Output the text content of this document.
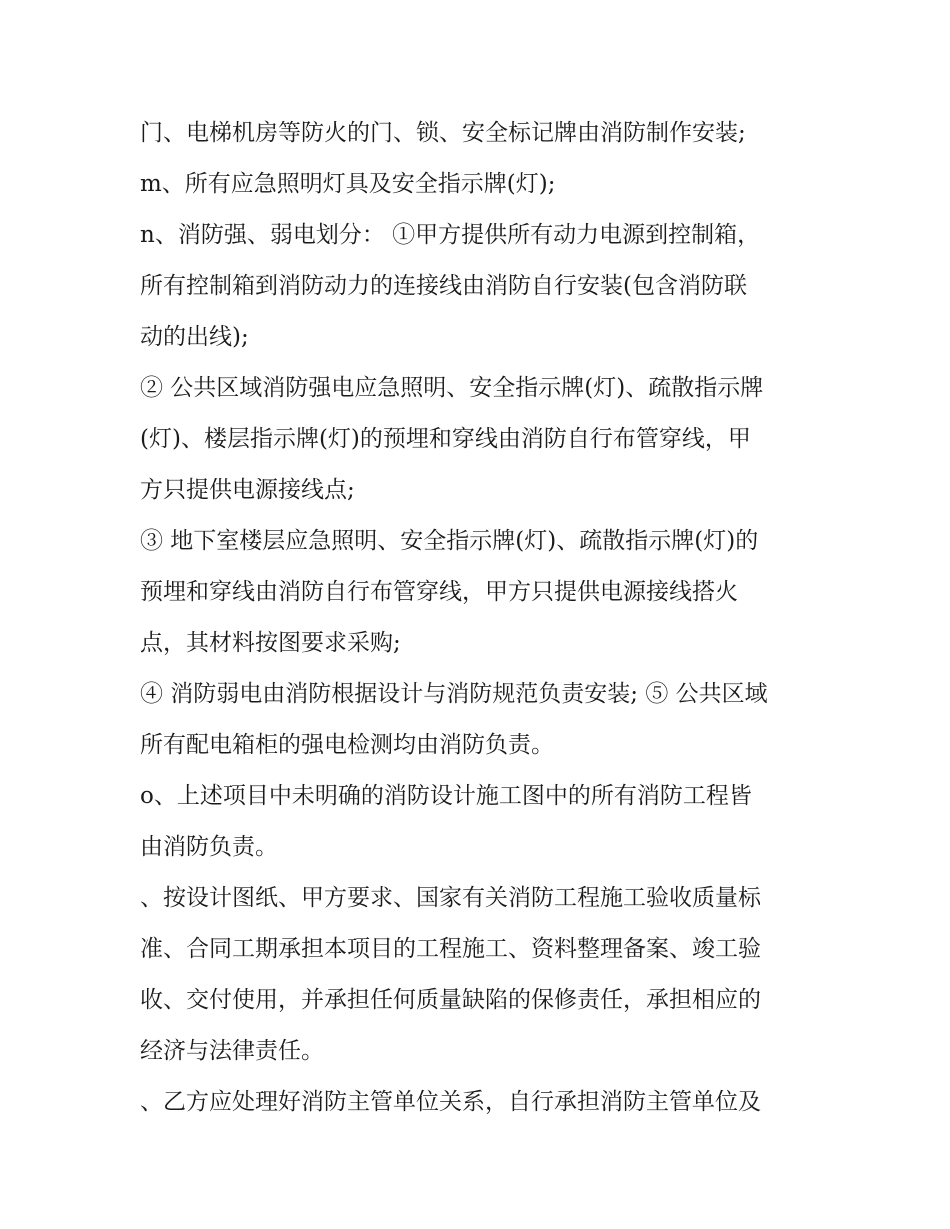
门、电梯机房等防火的门、锁、安全标记牌由消防制作安装;
m、所有应急照明灯具及安全指示牌(灯);
n、消防强、弱电划分： ①甲方提供所有动力电源到控制箱，
所有控制箱到消防动力的连接线由消防自行安装(包含消防联
动的出线);
② 公共区域消防强电应急照明、安全指示牌(灯)、疏散指示牌
(灯)、楼层指示牌(灯)的预埋和穿线由消防自行布管穿线，甲
方只提供电源接线点;
③ 地下室楼层应急照明、安全指示牌(灯)、疏散指示牌(灯)的
预埋和穿线由消防自行布管穿线，甲方只提供电源接线搭火
点，其材料按图要求采购;
④ 消防弱电由消防根据设计与消防规范负责安装; ⑤ 公共区域
所有配电箱柜的强电检测均由消防负责。
o、上述项目中未明确的消防设计施工图中的所有消防工程皆
由消防负责。
、按设计图纸、甲方要求、国家有关消防工程施工验收质量标
准、合同工期承担本项目的工程施工、资料整理备案、竣工验
收、交付使用，并承担任何质量缺陷的保修责任，承担相应的
经济与法律责任。
、乙方应处理好消防主管单位关系，自行承担消防主管单位及
